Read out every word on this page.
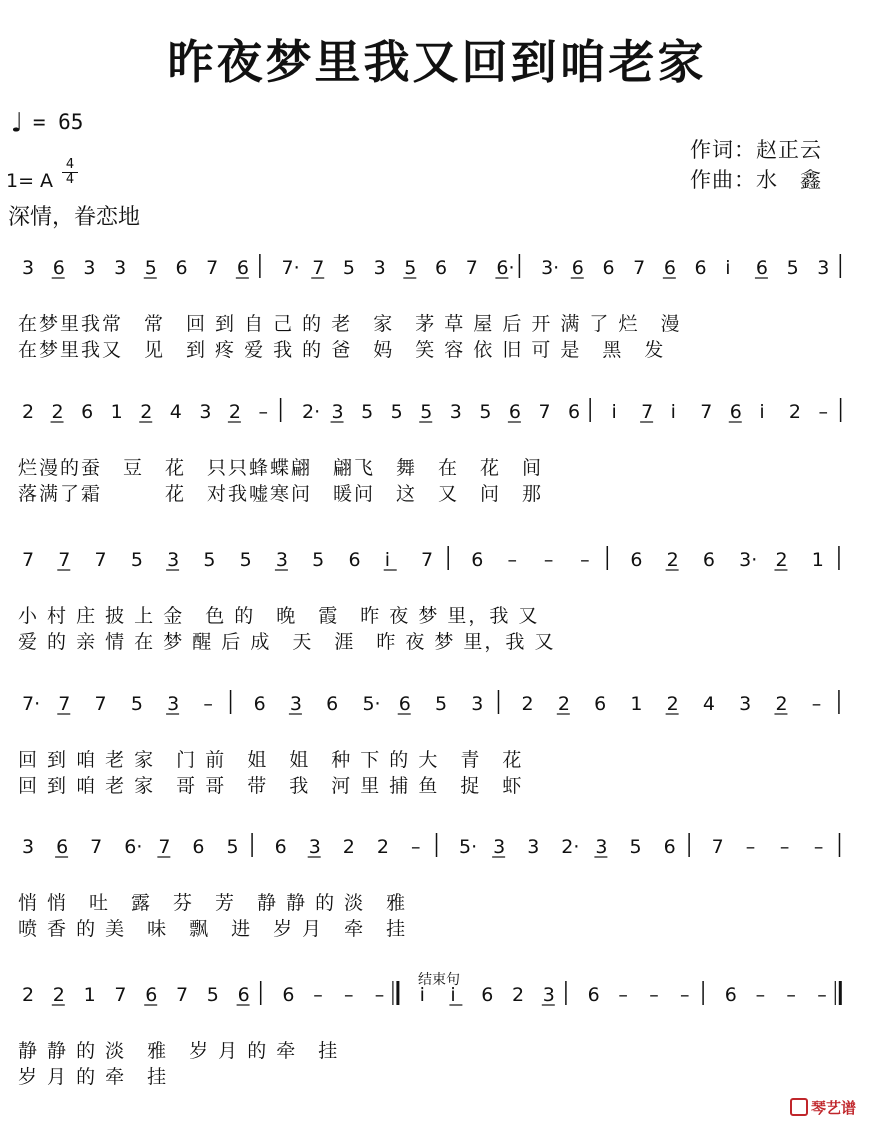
昨夜梦里我又回到咱老家
♩ = 65
1= A
4
4
深情，眷恋地
作词：赵正云
作曲：水　鑫
3 6 3 3 5 6 7 6 7· 7 5 3 5 6 7 6· 3· 6 6 7 6 6 i 6 5 3
在梦里我常　常　回 到 自 己 的 老　家　茅 草 屋 后 开 满 了 烂　漫
在梦里我又　见　到 疼 爱 我 的 爸　妈　笑 容 依 旧 可 是　黑　发
2 2 6 1 2 4 3 2 – 2· 3 5 5 5 3 5 6 7 6 i 7 i 7 6 i 2 –
烂漫的蚕　豆　花　只只蜂蝶翩　翩飞　舞　在　花　间
落满了霜　　　花　对我嘘寒问　暖问　这　又　问　那
7 7 7 5 3 5 5 3 5 6 i 7 6 – – – 6 2 6 3· 2 1
小 村 庄 披 上 金　色 的　晚　霞　昨 夜 梦 里，我 又
爱 的 亲 情 在 梦 醒 后 成　天　涯　昨 夜 梦 里，我 又
7· 7 7 5 3 – 6 3 6 5· 6 5 3 2 2 6 1 2 4 3 2 –
回 到 咱 老 家　门 前　姐　姐　种 下 的 大　青　花
回 到 咱 老 家　哥 哥　带　我　河 里 捕 鱼　捉　虾
3 6 7 6· 7 6 5 6 3 2 2 – 5· 3 3 2· 3 5 6 7 – – –
悄 悄　吐　露　芬　芳　静 静 的 淡　雅
喷 香 的 美　味　飘　进　岁 月　牵　挂
2 2 1 7 6 7 5 6 6 – – – i i 6 2 3 6 – – – 6 – – –
静 静 的 淡　雅　岁 月 的 牵　挂
岁 月 的 牵　挂
结束句
琴艺谱
